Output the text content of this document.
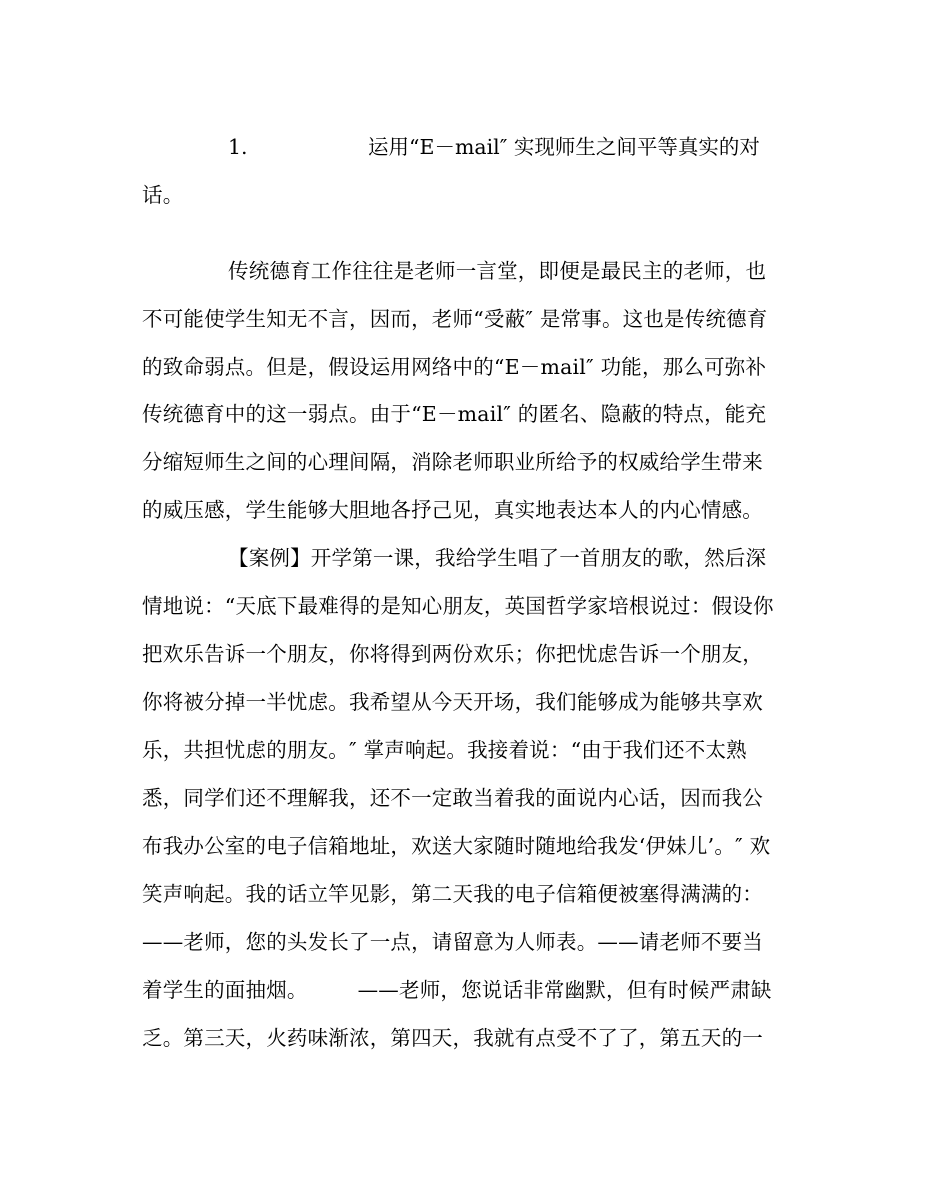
1.	运用“E－mail″ 实现师生之间平等真实的对
话。
传统德育工作往往是老师一言堂，即便是最民主的老师，也
不可能使学生知无不言，因而，老师“受蔽″ 是常事。这也是传统德育
的致命弱点。但是，假设运用网络中的“E－mail″ 功能，那么可弥补
传统德育中的这一弱点。由于“E－mail″ 的匿名、隐蔽的特点，能充
分缩短师生之间的心理间隔，消除老师职业所给予的权威给学生带来
的威压感，学生能够大胆地各抒己见，真实地表达本人的内心情感。
【案例】开学第一课，我给学生唱了一首朋友的歌，然后深
情地说：“天底下最难得的是知心朋友，英国哲学家培根说过：假设你
把欢乐告诉一个朋友，你将得到两份欢乐；你把忧虑告诉一个朋友，
你将被分掉一半忧虑。我希望从今天开场，我们能够成为能够共享欢
乐，共担忧虑的朋友。″ 掌声响起。我接着说：“由于我们还不太熟
悉，同学们还不理解我，还不一定敢当着我的面说内心话，因而我公
布我办公室的电子信箱地址，欢送大家随时随地给我发‘伊妹儿’。″ 欢
笑声响起。我的话立竿见影，第二天我的电子信箱便被塞得满满的：
——老师，您的头发长了一点，请留意为人师表。——请老师不要当
着学生的面抽烟。 ——老师，您说话非常幽默，但有时候严肃缺
乏。第三天，火药味渐浓，第四天，我就有点受不了了，第五天的一
